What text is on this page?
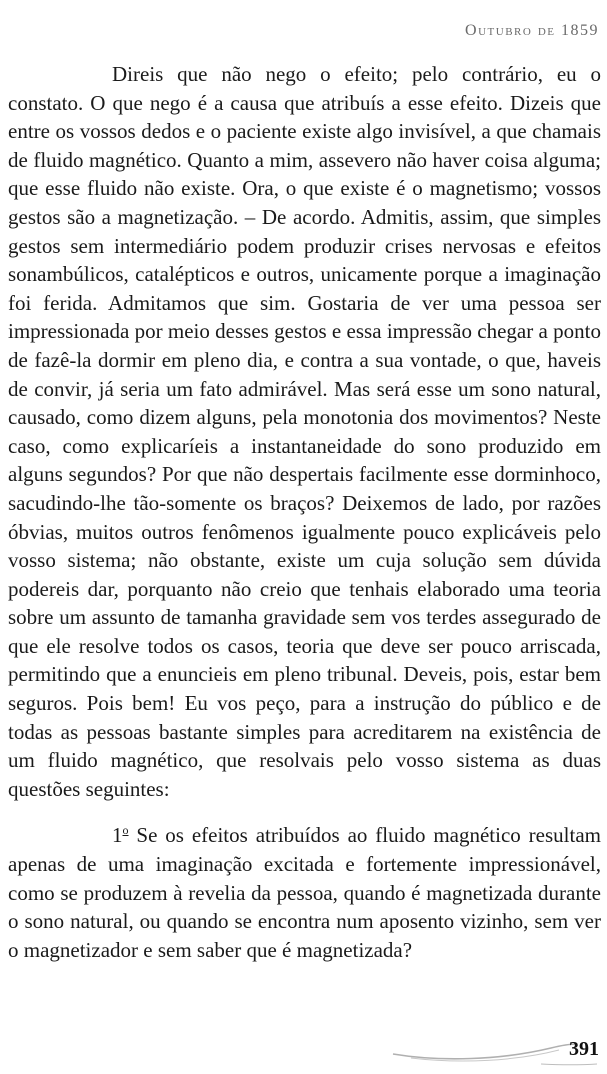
Outubro de 1859

Direis que não nego o efeito; pelo contrário, eu o constato. O que nego é a causa que atribuís a esse efeito. Dizeis que entre os vossos dedos e o paciente existe algo invisível, a que chamais de fluido magnético. Quanto a mim, assevero não haver coisa alguma; que esse fluido não existe. Ora, o que existe é o magnetismo; vossos gestos são a magnetização. – De acordo. Admitis, assim, que simples gestos sem intermediário podem produzir crises nervosas e efeitos sonambúlicos, catalépticos e outros, unicamente porque a imaginação foi ferida. Admitamos que sim. Gostaria de ver uma pessoa ser impressionada por meio desses gestos e essa impressão chegar a ponto de fazê-la dormir em pleno dia, e contra a sua vontade, o que, haveis de convir, já seria um fato admirável. Mas será esse um sono natural, causado, como dizem alguns, pela monotonia dos movimentos? Neste caso, como explicaríeis a instantaneidade do sono produzido em alguns segundos? Por que não despertais facilmente esse dorminhoco, sacudindo-lhe tão-somente os braços? Deixemos de lado, por razões óbvias, muitos outros fenômenos igualmente pouco explicáveis pelo vosso sistema; não obstante, existe um cuja solução sem dúvida podereis dar, porquanto não creio que tenhais elaborado uma teoria sobre um assunto de tamanha gravidade sem vos terdes assegurado de que ele resolve todos os casos, teoria que deve ser pouco arriscada, permitindo que a enuncieis em pleno tribunal. Deveis, pois, estar bem seguros. Pois bem! Eu vos peço, para a instrução do público e de todas as pessoas bastante simples para acreditarem na existência de um fluido magnético, que resolvais pelo vosso sistema as duas questões seguintes:

1$^o$ Se os efeitos atribuídos ao fluido magnético resultam apenas de uma imaginação excitada e fortemente impressionável, como se produzem à revelia da pessoa, quando é magnetizada durante o sono natural, ou quando se encontra num aposento vizinho, sem ver o magnetizador e sem saber que é magnetizada?

391
